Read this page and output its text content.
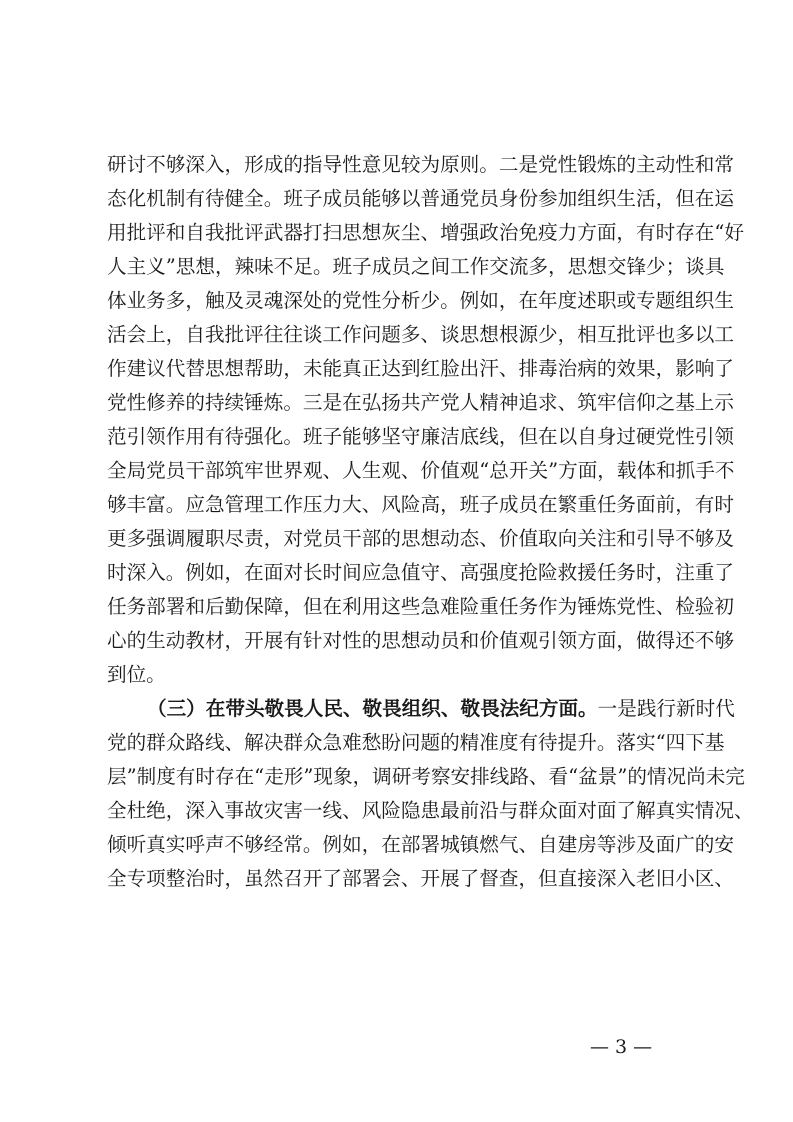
研讨不够深入，形成的指导性意见较为原则。二是党性锻炼的主动性和常
态化机制有待健全。班子成员能够以普通党员身份参加组织生活，但在运
用批评和自我批评武器打扫思想灰尘、增强政治免疫力方面，有时存在“好
人主义”思想，辣味不足。班子成员之间工作交流多，思想交锋少；谈具
体业务多，触及灵魂深处的党性分析少。例如，在年度述职或专题组织生
活会上，自我批评往往谈工作问题多、谈思想根源少，相互批评也多以工
作建议代替思想帮助，未能真正达到红脸出汗、排毒治病的效果，影响了
党性修养的持续锤炼。三是在弘扬共产党人精神追求、筑牢信仰之基上示
范引领作用有待强化。班子能够坚守廉洁底线，但在以自身过硬党性引领
全局党员干部筑牢世界观、人生观、价值观“总开关”方面，载体和抓手不
够丰富。应急管理工作压力大、风险高，班子成员在繁重任务面前，有时
更多强调履职尽责，对党员干部的思想动态、价值取向关注和引导不够及
时深入。例如，在面对长时间应急值守、高强度抢险救援任务时，注重了
任务部署和后勤保障，但在利用这些急难险重任务作为锤炼党性、检验初
心的生动教材，开展有针对性的思想动员和价值观引领方面，做得还不够
到位。
（三）在带头敬畏人民、敬畏组织、敬畏法纪方面。一是践行新时代
党的群众路线、解决群众急难愁盼问题的精准度有待提升。落实“四下基
层”制度有时存在“走形”现象，调研考察安排线路、看“盆景”的情况尚未完
全杜绝，深入事故灾害一线、风险隐患最前沿与群众面对面了解真实情况、
倾听真实呼声不够经常。例如，在部署城镇燃气、自建房等涉及面广的安
全专项整治时，虽然召开了部署会、开展了督查，但直接深入老旧小区、
— 3 —
